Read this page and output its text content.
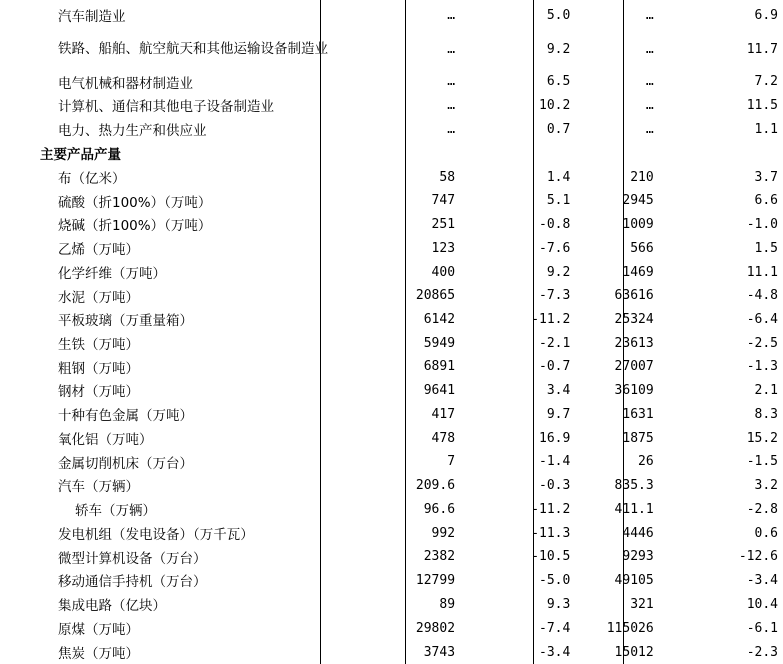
汽车制造业	…	5.0	…	6.9
铁路、船舶、航空航天和其他运输设备制造业	…	9.2	…	11.7
电气机械和器材制造业	…	6.5	…	7.2
计算机、通信和其他电子设备制造业	…	10.2	…	11.5
电力、热力生产和供应业	…	0.7	…	1.1
主要产品产量				
布（亿米）	58	1.4	210	3.7
硫酸（折100%）（万吨）	747	5.1	2945	6.6
烧碱（折100%）（万吨）	251	-0.8	1009	-1.0
乙烯（万吨）	123	-7.6	566	1.5
化学纤维（万吨）	400	9.2	1469	11.1
水泥（万吨）	20865	-7.3	63616	-4.8
平板玻璃（万重量箱）	6142	-11.2	25324	-6.4
生铁（万吨）	5949	-2.1	23613	-2.5
粗钢（万吨）	6891	-0.7	27007	-1.3
钢材（万吨）	9641	3.4	36109	2.1
十种有色金属（万吨）	417	9.7	1631	8.3
氧化铝（万吨）	478	16.9	1875	15.2
金属切削机床（万台）	7	-1.4	26	-1.5
汽车（万辆）	209.6	-0.3	835.3	3.2
轿车（万辆）	96.6	-11.2	411.1	-2.8
发电机组（发电设备）（万千瓦）	992	-11.3	4446	0.6
微型计算机设备（万台）	2382	-10.5	9293	-12.6
移动通信手持机（万台）	12799	-5.0	49105	-3.4
集成电路（亿块）	89	9.3	321	10.4
原煤（万吨）	29802	-7.4	115026	-6.1
焦炭（万吨）	3743	-3.4	15012	-2.3
